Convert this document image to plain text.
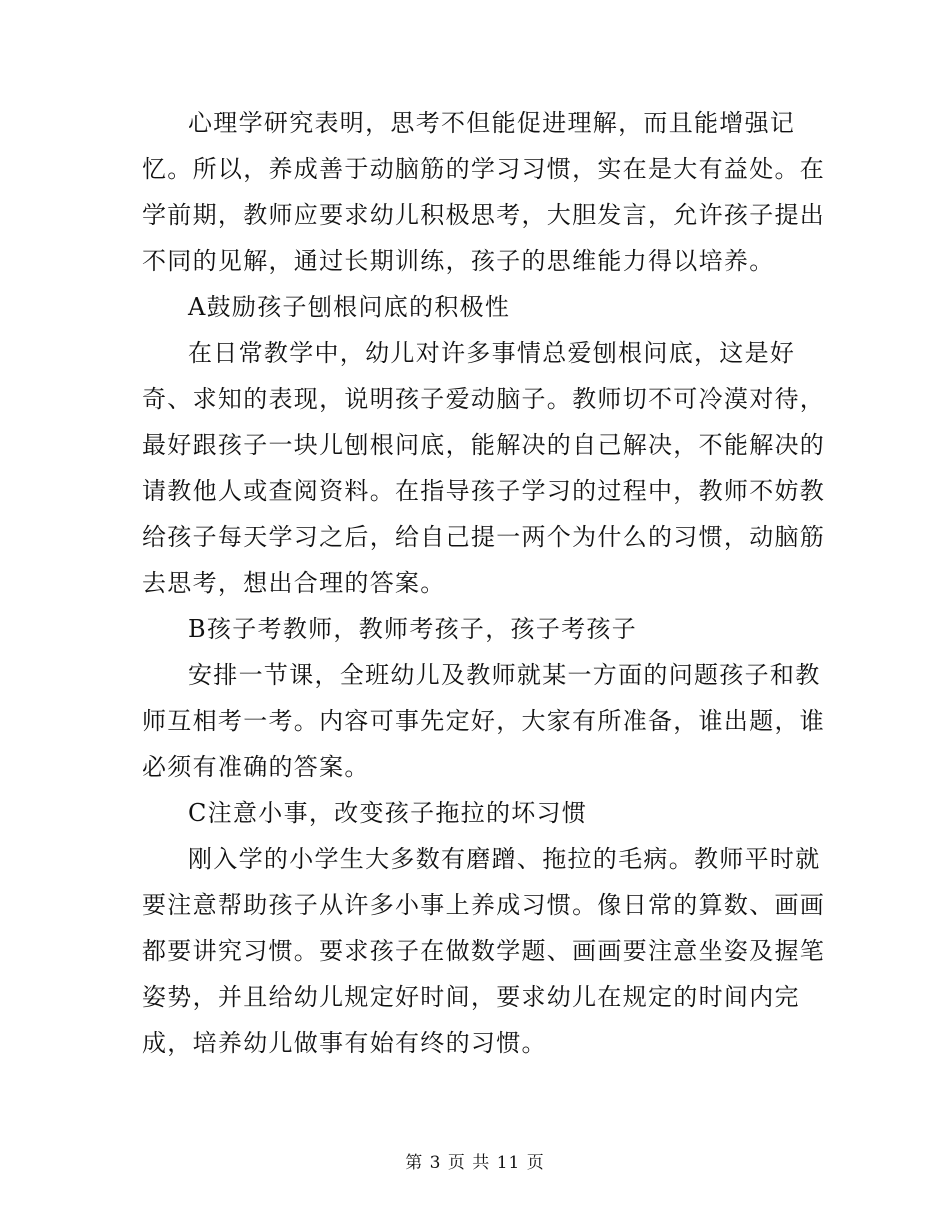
心理学研究表明，思考不但能促进理解，而且能增强记
忆。所以，养成善于动脑筋的学习习惯，实在是大有益处。在
学前期，教师应要求幼儿积极思考，大胆发言，允许孩子提出
不同的见解，通过长期训练，孩子的思维能力得以培养。
A鼓励孩子刨根问底的积极性
在日常教学中，幼儿对许多事情总爱刨根问底，这是好
奇、求知的表现，说明孩子爱动脑子。教师切不可冷漠对待，
最好跟孩子一块儿刨根问底，能解决的自己解决，不能解决的
请教他人或查阅资料。在指导孩子学习的过程中，教师不妨教
给孩子每天学习之后，给自己提一两个为什么的习惯，动脑筋
去思考，想出合理的答案。
B孩子考教师，教师考孩子，孩子考孩子
安排一节课，全班幼儿及教师就某一方面的问题孩子和教
师互相考一考。内容可事先定好，大家有所准备，谁出题，谁
必须有准确的答案。
C注意小事，改变孩子拖拉的坏习惯
刚入学的小学生大多数有磨蹭、拖拉的毛病。教师平时就
要注意帮助孩子从许多小事上养成习惯。像日常的算数、画画
都要讲究习惯。要求孩子在做数学题、画画要注意坐姿及握笔
姿势，并且给幼儿规定好时间，要求幼儿在规定的时间内完
成，培养幼儿做事有始有终的习惯。
第 3 页 共 11 页
